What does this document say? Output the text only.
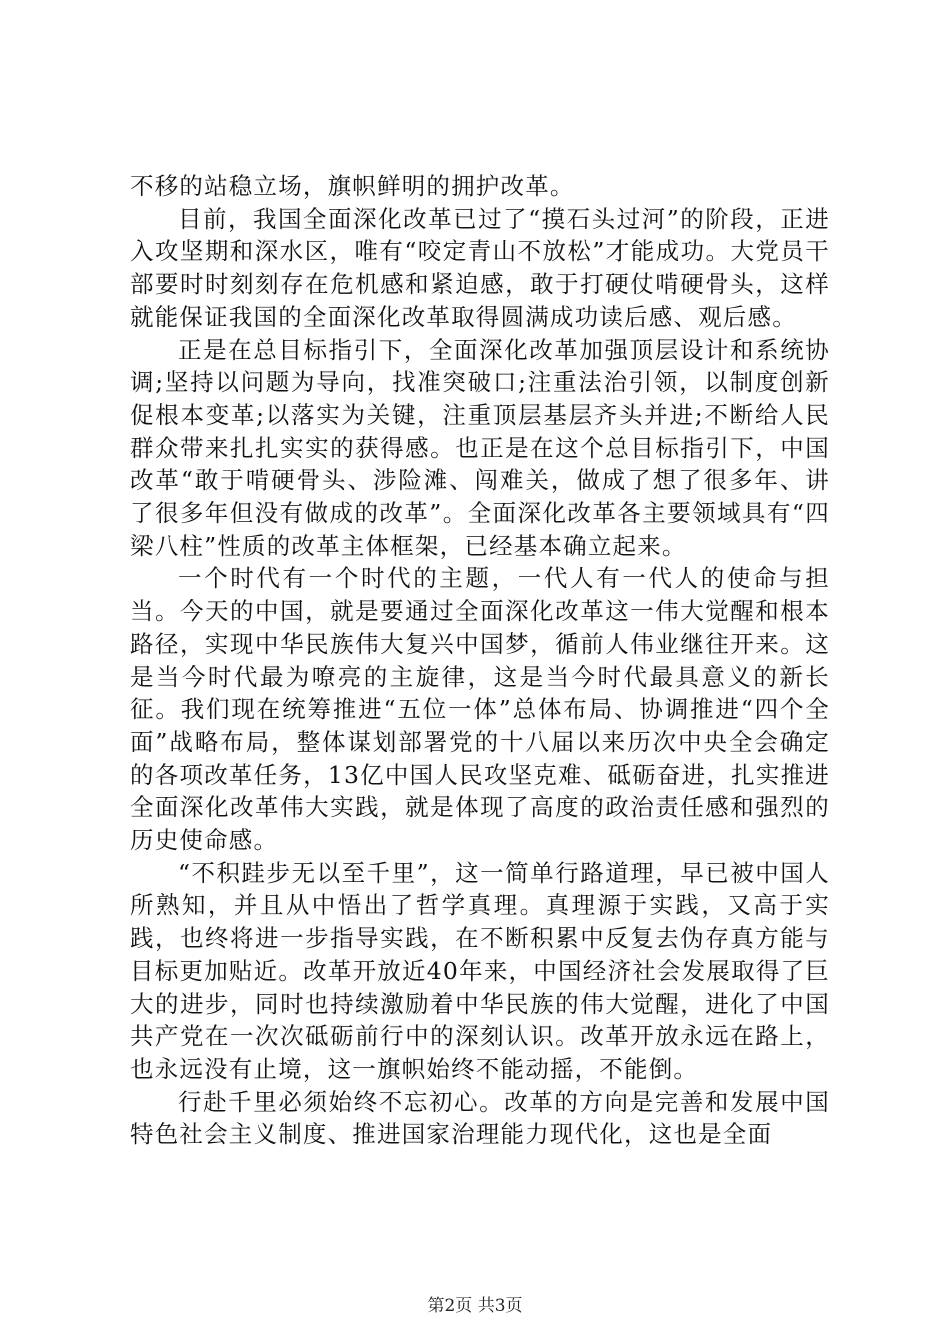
不移的站稳立场，旗帜鲜明的拥护改革。

目前，我国全面深化改革已过了“摸石头过河”的阶段，正进入攻坚期和深水区，唯有“咬定青山不放松”才能成功。大党员干部要时时刻刻存在危机感和紧迫感，敢于打硬仗啃硬骨头，这样就能保证我国的全面深化改革取得圆满成功读后感、观后感。

正是在总目标指引下，全面深化改革加强顶层设计和系统协调;坚持以问题为导向，找准突破口;注重法治引领，以制度创新促根本变革;以落实为关键，注重顶层基层齐头并进;不断给人民群众带来扎扎实实的获得感。也正是在这个总目标指引下，中国改革“敢于啃硬骨头、涉险滩、闯难关，做成了想了很多年、讲了很多年但没有做成的改革”。全面深化改革各主要领域具有“四梁八柱”性质的改革主体框架，已经基本确立起来。

一个时代有一个时代的主题，一代人有一代人的使命与担当。今天的中国，就是要通过全面深化改革这一伟大觉醒和根本路径，实现中华民族伟大复兴中国梦，循前人伟业继往开来。这是当今时代最为嘹亮的主旋律，这是当今时代最具意义的新长征。我们现在统筹推进“五位一体”总体布局、协调推进“四个全面”战略布局，整体谋划部署党的十八届以来历次中央全会确定的各项改革任务，13亿中国人民攻坚克难、砥砺奋进，扎实推进全面深化改革伟大实践，就是体现了高度的政治责任感和强烈的历史使命感。

“不积跬步无以至千里”，这一简单行路道理，早已被中国人所熟知，并且从中悟出了哲学真理。真理源于实践，又高于实践，也终将进一步指导实践，在不断积累中反复去伪存真方能与目标更加贴近。改革开放近40年来，中国经济社会发展取得了巨大的进步，同时也持续激励着中华民族的伟大觉醒，进化了中国共产党在一次次砥砺前行中的深刻认识。改革开放永远在路上，也永远没有止境，这一旗帜始终不能动摇，不能倒。

行赴千里必须始终不忘初心。改革的方向是完善和发展中国特色社会主义制度、推进国家治理能力现代化，这也是全面

第2页 共3页
